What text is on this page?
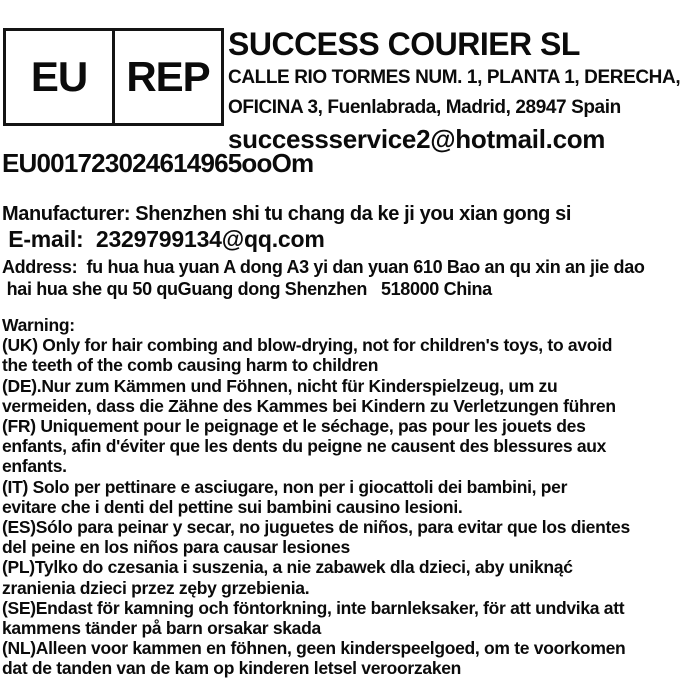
EU REP
SUCCESS COURIER SL
CALLE RIO TORMES NUM. 1, PLANTA 1, DERECHA,
OFICINA 3, Fuenlabrada, Madrid, 28947 Spain
successservice2@hotmail.com
EU001723024614965ooOm
Manufacturer: Shenzhen shi tu chang da ke ji you xian gong si
E-mail:  2329799134@qq.com
Address:  fu hua hua yuan A dong A3 yi dan yuan 610 Bao an qu xin an jie dao
hai hua she qu 50 quGuang dong Shenzhen   518000 China
Warning:
(UK) Only for hair combing and blow-drying, not for children's toys, to avoid
the teeth of the comb causing harm to children
(DE).Nur zum Kämmen und Föhnen, nicht für Kinderspielzeug, um zu
vermeiden, dass die Zähne des Kammes bei Kindern zu Verletzungen führen
(FR) Uniquement pour le peignage et le séchage, pas pour les jouets des
enfants, afin d'éviter que les dents du peigne ne causent des blessures aux
enfants.
(IT) Solo per pettinare e asciugare, non per i giocattoli dei bambini, per
evitare che i denti del pettine sui bambini causino lesioni.
(ES)Sólo para peinar y secar, no juguetes de niños, para evitar que los dientes
del peine en los niños para causar lesiones
(PL)Tylko do czesania i suszenia, a nie zabawek dla dzieci, aby uniknąć
zranienia dzieci przez zęby grzebienia.
(SE)Endast för kamning och föntorkning, inte barnleksaker, för att undvika att
kammens tänder på barn orsakar skada
(NL)Alleen voor kammen en föhnen, geen kinderspeelgoed, om te voorkomen
dat de tanden van de kam op kinderen letsel veroorzaken
